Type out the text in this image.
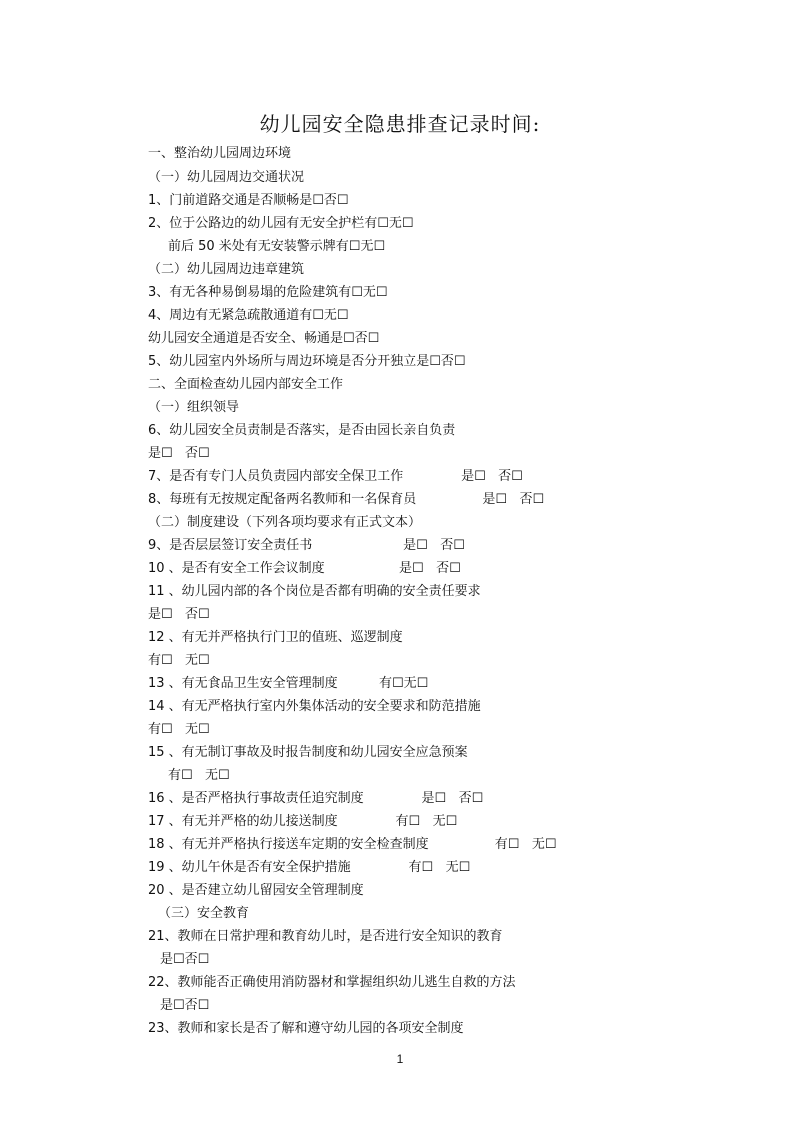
幼儿园安全隐患排查记录时间:
一、整治幼儿园周边环境
（一）幼儿园周边交通状况
1、门前道路交通是否顺畅是☐否☐
2、位于公路边的幼儿园有无安全护栏有☐无☐
前后 50 米处有无安装警示牌有☐无☐
（二）幼儿园周边违章建筑
3、有无各种易倒易塌的危险建筑有☐无☐
4、周边有无紧急疏散通道有☐无☐
幼儿园安全通道是否安全、畅通是☐否☐
5、幼儿园室内外场所与周边环境是否分开独立是☐否☐
二、全面检查幼儿园内部安全工作
（一）组织领导
6、幼儿园安全员责制是否落实，是否由园长亲自负责
是☐   否☐
7、是否有专门人员负责园内部安全保卫工作              是☐   否☐
8、每班有无按规定配备两名教师和一名保育员                是☐   否☐
（二）制度建设（下列各项均要求有正式文本）
9、是否层层签订安全责任书                      是☐   否☐
10 、是否有安全工作会议制度                  是☐   否☐
11 、幼儿园内部的各个岗位是否都有明确的安全责任要求
是☐   否☐
12 、有无并严格执行门卫的值班、巡逻制度
有☐   无☐
13 、有无食品卫生安全管理制度          有☐无☐
14 、有无严格执行室内外集体活动的安全要求和防范措施
有☐   无☐
15 、有无制订事故及时报告制度和幼儿园安全应急预案
有☐   无☐
16 、是否严格执行事故责任追究制度              是☐   否☐
17 、有无并严格的幼儿接送制度              有☐   无☐
18 、有无并严格执行接送车定期的安全检查制度                有☐   无☐
19 、幼儿午休是否有安全保护措施              有☐   无☐
20 、是否建立幼儿留园安全管理制度
（三）安全教育
21、教师在日常护理和教育幼儿时，是否进行安全知识的教育
是☐否☐
22、教师能否正确使用消防器材和掌握组织幼儿逃生自救的方法
是☐否☐
23、教师和家长是否了解和遵守幼儿园的各项安全制度
1
